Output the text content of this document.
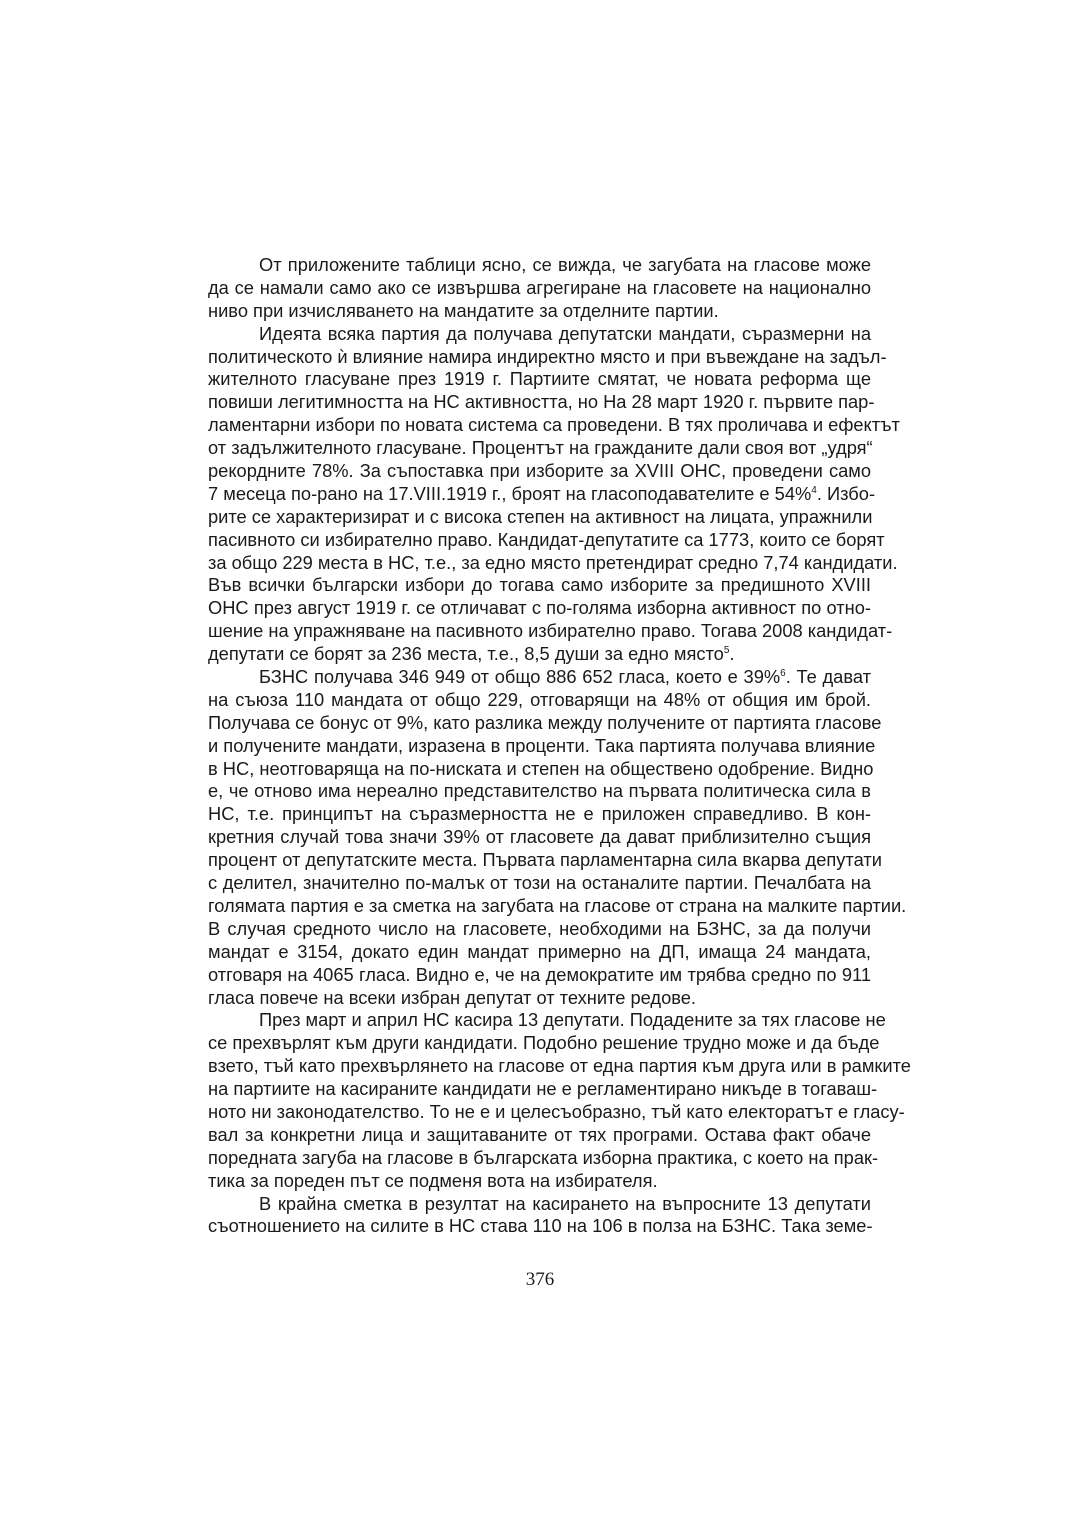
От приложените таблици ясно, се вижда, че загубата на гласове може
да се намали само ако се извършва агрегиране на гласовете на национално
ниво при изчисляването на мандатите за отделните партии.
Идеята всяка партия да получава депутатски мандати, съразмерни на
политическото ѝ влияние намира индиректно място и при въвеждане на задъл-
жителното гласуване през 1919 г. Партиите смятат, че новата реформа ще
повиши легитимността на НС активността, но На 28 март 1920 г. първите пар-
ламентарни избори по новата система са проведени. В тях проличава и ефектът
от задължителното гласуване. Процентът на гражданите дали своя вот „удря“
рекордните 78%. За съпоставка при изборите за XVIII ОНС, проведени само
7 месеца по-рано на 17.VIII.1919 г., броят на гласоподавателите е 54%$^4$. Избо-
рите се характеризират и с висока степен на активност на лицата, упражнили
пасивното си избирателно право. Кандидат-депутатите са 1773, които се борят
за общо 229 места в НС, т.е., за едно място претендират средно 7,74 кандидати.
Във всички български избори до тогава само изборите за предишното XVIII
ОНС през август 1919 г. се отличават с по-голяма изборна активност по отно-
шение на упражняване на пасивното избирателно право. Тогава 2008 кандидат-
депутати се борят за 236 места, т.е., 8,5 души за едно място$^5$.
БЗНС получава 346 949 от общо 886 652 гласа, което е 39%$^6$. Те дават
на съюза 110 мандата от общо 229, отговарящи на 48% от общия им брой.
Получава се бонус от 9%, като разлика между получените от партията гласове
и получените мандати, изразена в проценти. Така партията получава влияние
в НС, неотговаряща на по-ниската и степен на обществено одобрение. Видно
е, че отново има нереално представителство на първата политическа сила в
НС, т.е. принципът на съразмерността не е приложен справедливо. В кон-
кретния случай това значи 39% от гласовете да дават приблизително същия
процент от депутатските места. Първата парламентарна сила вкарва депутати
с делител, значително по-малък от този на останалите партии. Печалбата на
голямата партия е за сметка на загубата на гласове от страна на малките партии.
В случая средното число на гласовете, необходими на БЗНС, за да получи
мандат е 3154, докато един мандат примерно на ДП, имаща 24 мандата,
отговаря на 4065 гласа. Видно е, че на демократите им трябва средно по 911
гласа повече на всеки избран депутат от техните редове.
През март и април НС касира 13 депутати. Подадените за тях гласове не
се прехвърлят към други кандидати. Подобно решение трудно може и да бъде
взето, тъй като прехвърлянето на гласове от една партия към друга или в рамките
на партиите на касираните кандидати не е регламентирано никъде в тогаваш-
ното ни законодателство. То не е и целесъобразно, тъй като електоратът е гласу-
вал за конкретни лица и защитаваните от тях програми. Остава факт обаче
поредната загуба на гласове в българската изборна практика, с което на прак-
тика за пореден път се подменя вота на избирателя.
В крайна сметка в резултат на касирането на въпросните 13 депутати
съотношението на силите в НС става 110 на 106 в полза на БЗНС. Така земе-
376
